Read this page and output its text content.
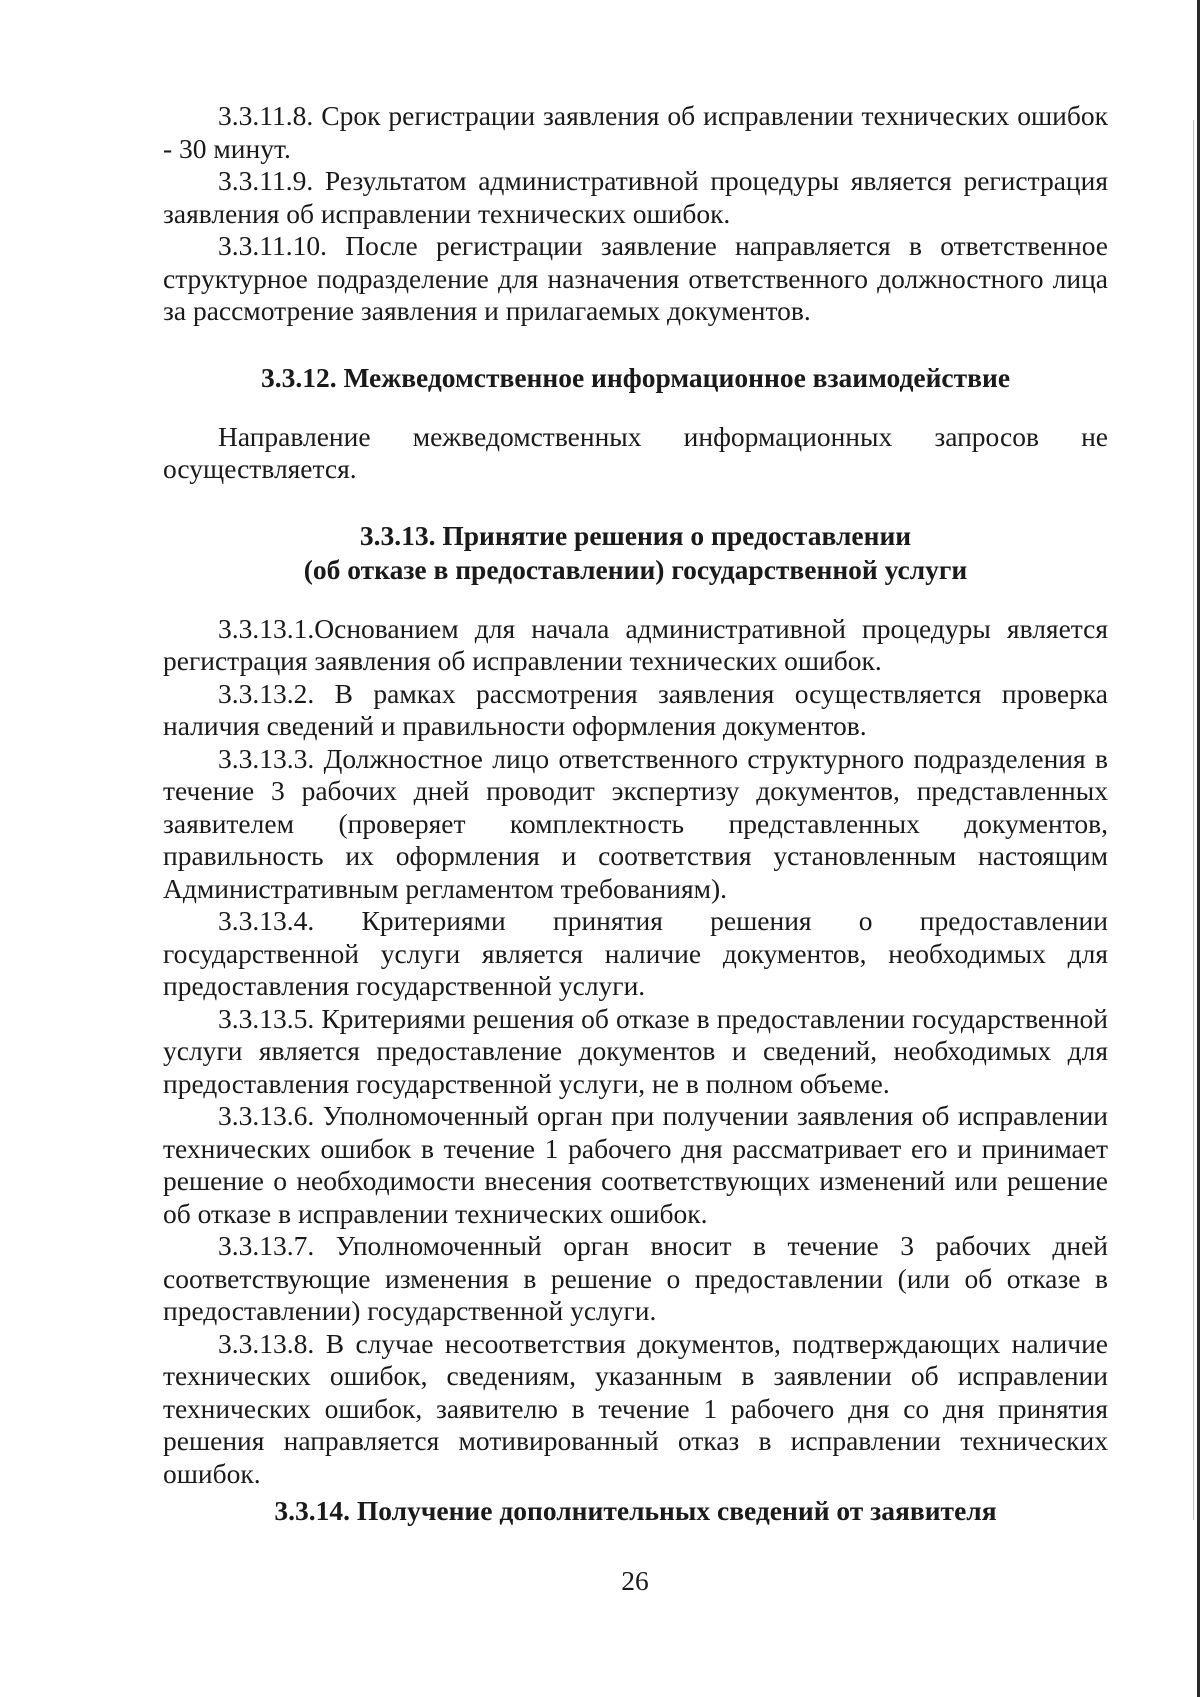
3.3.11.8. Срок регистрации заявления об исправлении технических ошибок - 30 минут.

3.3.11.9. Результатом административной процедуры является регистрация заявления об исправлении технических ошибок.

3.3.11.10. После регистрации заявление направляется в ответственное структурное подразделение для назначения ответственного должностного лица за рассмотрение заявления и прилагаемых документов.

3.3.12. Межведомственное информационное взаимодействие

Направление межведомственных информационных запросов не осуществляется.

3.3.13. Принятие решения о предоставлении

(об отказе в предоставлении) государственной услуги

3.3.13.1.Основанием для начала административной процедуры является регистрация заявления об исправлении технических ошибок.

3.3.13.2. В рамках рассмотрения заявления осуществляется проверка наличия сведений и правильности оформления документов.

3.3.13.3. Должностное лицо ответственного структурного подразделения в течение 3 рабочих дней проводит экспертизу документов, представленных заявителем (проверяет комплектность представленных документов, правильность их оформления и соответствия установленным настоящим Административным регламентом требованиям).

3.3.13.4. Критериями принятия решения о предоставлении государственной услуги является наличие документов, необходимых для предоставления государственной услуги.

3.3.13.5. Критериями решения об отказе в предоставлении государственной услуги является предоставление документов и сведений, необходимых для предоставления государственной услуги, не в полном объеме.

3.3.13.6. Уполномоченный орган при получении заявления об исправлении технических ошибок в течение 1 рабочего дня рассматривает его и принимает решение о необходимости внесения соответствующих изменений или решение об отказе в исправлении технических ошибок.

3.3.13.7. Уполномоченный орган вносит в течение 3 рабочих дней соответствующие изменения в решение о предоставлении (или об отказе в предоставлении) государственной услуги.

3.3.13.8. В случае несоответствия документов, подтверждающих наличие технических ошибок, сведениям, указанным в заявлении об исправлении технических ошибок, заявителю в течение 1 рабочего дня со дня принятия решения направляется мотивированный отказ в исправлении технических ошибок.

3.3.14. Получение дополнительных сведений от заявителя

26
